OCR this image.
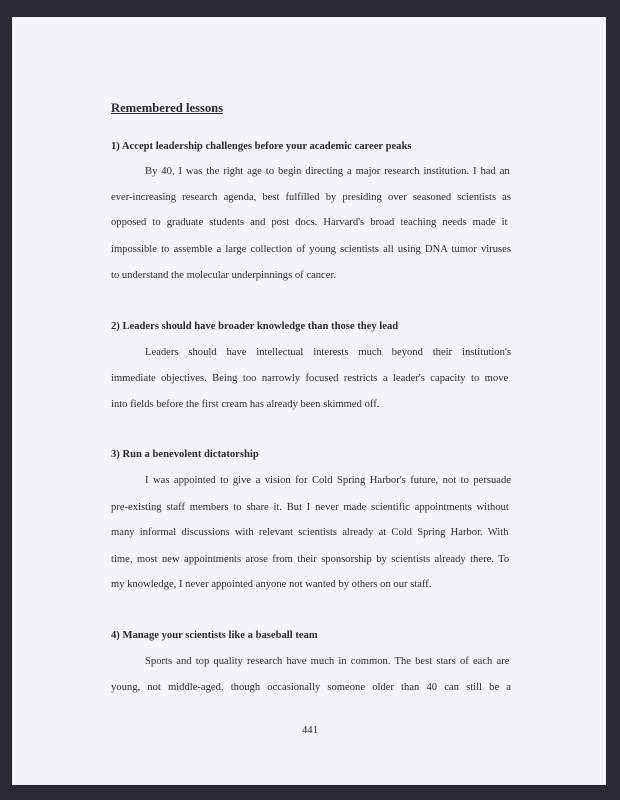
Remembered lessons
1) Accept leadership challenges before your academic career peaks
By 40, I was the right age to begin directing a major research institution. I had an
ever-increasing research agenda, best fulfilled by presiding over seasoned scientists as
opposed to graduate students and post docs. Harvard's broad teaching needs made it
impossible to assemble a large collection of young scientists all using DNA tumor viruses
to understand the molecular underpinnings of cancer.
2) Leaders should have broader knowledge than those they lead
Leaders should have intellectual interests much beyond their institution's
immediate objectives. Being too narrowly focused restricts a leader's capacity to move
into fields before the first cream has already been skimmed off.
3) Run a benevolent dictatorship
I was appointed to give a vision for Cold Spring Harbor's future, not to persuade
pre-existing staff members to share it. But I never made scientific appointments without
many informal discussions with relevant scientists already at Cold Spring Harbor. With
time, most new appointments arose from their sponsorship by scientists already there. To
my knowledge, I never appointed anyone not wanted by others on our staff.
4) Manage your scientists like a baseball team
Sports and top quality research have much in common. The best stars of each are
young, not middle-aged, though occasionally someone older than 40 can still be a
441
